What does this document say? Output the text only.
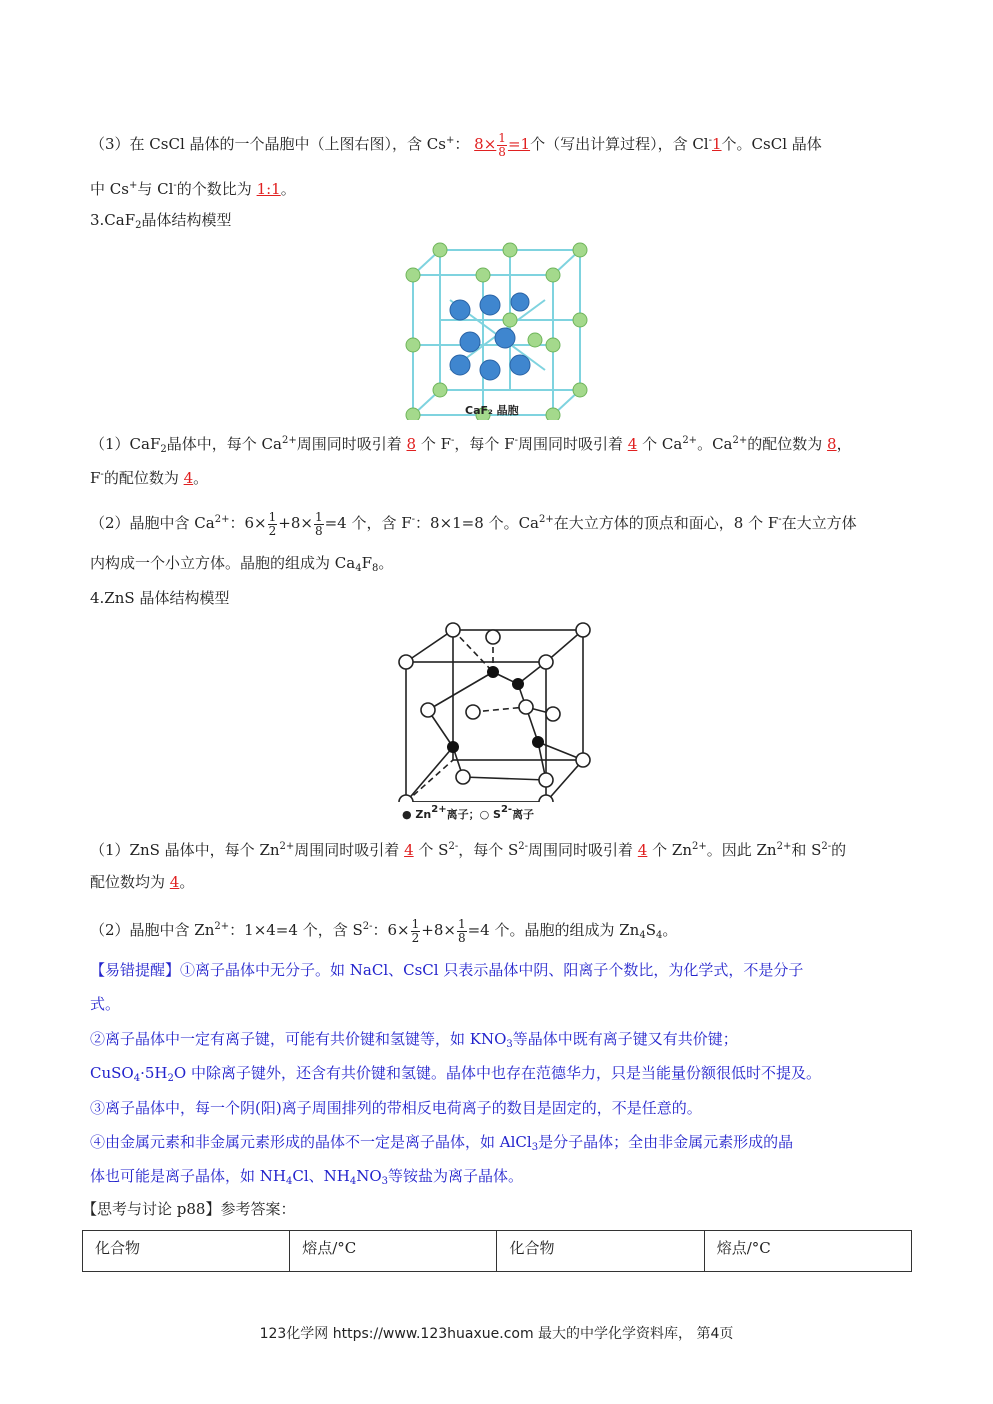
（3）在 CsCl 晶体的一个晶胞中（上图右图），含 Cs+： $8\times \frac{1}{8} =1$个（写出计算过程），含 Cl-1个。CsCl 晶体
中 Cs+与 Cl-的个数比为 1:1。
3.CaF$_2$晶体结构模型
CaF₂ 晶胞
（1）CaF$_2$晶体中，每个 $Ca^{2+}$周围同时吸引着 8 个 F-，每个 F-周围同时吸引着 4 个 $Ca^{2+}$。$Ca^{2+}$的配位数为 8，
F-的配位数为 4。
（2）晶胞中含 $Ca^{2+}$：$6\times \frac{1}{2} +8\times \frac{1}{8} =4$ 个，含 F-：8×1=8 个。$Ca^{2+}$在大立方体的顶点和面心，8 个 F-在大立方体
内构成一个小立方体。晶胞的组成为 $Ca_4F_8$。
4.ZnS 晶体结构模型
● $Zn^{2+}$离子；○ $S^{2-}$离子
（1）ZnS 晶体中，每个 $Zn^{2+}$周围同时吸引着 4 个 $S^{2-}$，每个 $S^{2-}$周围同时吸引着 4 个 $Zn^{2+}$。因此 $Zn^{2+}$和 $S^{2-}$的
配位数均为 4。
（2）晶胞中含 $Zn^{2+}$：1×4=4 个，含 $S^{2-}$：$6\times \frac{1}{2} +8\times \frac{1}{8} =4$ 个。晶胞的组成为 $Zn_4S_4$。
【易错提醒】①离子晶体中无分子。如 NaCl、CsCl 只表示晶体中阴、阳离子个数比，为化学式，不是分子
式。
②离子晶体中一定有离子键，可能有共价键和氢键等，如 $KNO_3$等晶体中既有离子键又有共价键；
$CuSO_4\cdot 5H_2O$ 中除离子键外，还含有共价键和氢键。晶体中也存在范德华力，只是当能量份额很低时不提及。
③离子晶体中，每一个阴(阳)离子周围排列的带相反电荷离子的数目是固定的，不是任意的。
④由金属元素和非金属元素形成的晶体不一定是离子晶体，如 AlCl$_3$是分子晶体；全由非金属元素形成的晶
体也可能是离子晶体，如 $NH_4Cl$、$NH_4NO_3$等铵盐为离子晶体。
【思考与讨论 p88】参考答案：
化合物	熔点/°C	化合物	熔点/°C
123化学网 https://www.123huaxue.com 最大的中学化学资料库， 第4页
